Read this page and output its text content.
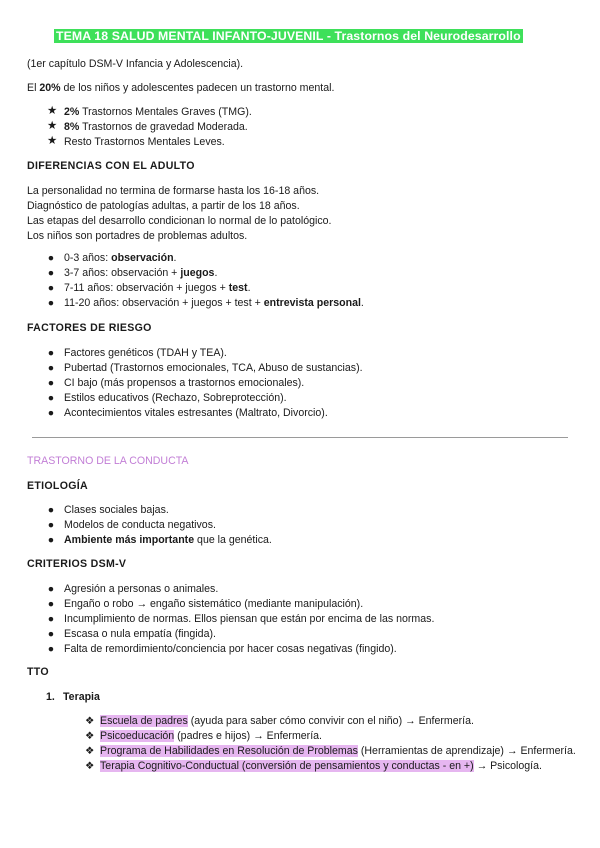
TEMA 18 SALUD MENTAL INFANTO-JUVENIL - Trastornos del Neurodesarrollo
(1er capítulo DSM-V Infancia y Adolescencia).
El 20% de los niños y adolescentes padecen un trastorno mental.
★ 2% Trastornos Mentales Graves (TMG).
★ 8% Trastornos de gravedad Moderada.
★ Resto Trastornos Mentales Leves.
DIFERENCIAS CON EL ADULTO
La personalidad no termina de formarse hasta los 16-18 años.
Diagnóstico de patologías adultas, a partir de los 18 años.
Las etapas del desarrollo condicionan lo normal de lo patológico.
Los niños son portadres de problemas adultos.
● 0-3 años: observación.
● 3-7 años: observación + juegos.
● 7-11 años: observación + juegos + test.
● 11-20 años: observación + juegos + test + entrevista personal.
FACTORES DE RIESGO
● Factores genéticos (TDAH y TEA).
● Pubertad (Trastornos emocionales, TCA, Abuso de sustancias).
● CI bajo (más propensos a trastornos emocionales).
● Estilos educativos (Rechazo, Sobreprotección).
● Acontecimientos vitales estresantes (Maltrato, Divorcio).
TRASTORNO DE LA CONDUCTA
ETIOLOGÍA
● Clases sociales bajas.
● Modelos de conducta negativos.
● Ambiente más importante que la genética.
CRITERIOS DSM-V
● Agresión a personas o animales.
● Engaño o robo → engaño sistemático (mediante manipulación).
● Incumplimiento de normas. Ellos piensan que están por encima de las normas.
● Escasa o nula empatía (fingida).
● Falta de remordimiento/conciencia por hacer cosas negativas (fingido).
TTO
1. Terapia
❖ Escuela de padres (ayuda para saber cómo convivir con el niño) → Enfermería.
❖ Psicoeducación (padres e hijos) → Enfermería.
❖ Programa de Habilidades en Resolución de Problemas (Herramientas de aprendizaje) → Enfermería.
❖ Terapia Cognitivo-Conductual (conversión de pensamientos y conductas - en +) → Psicología.
